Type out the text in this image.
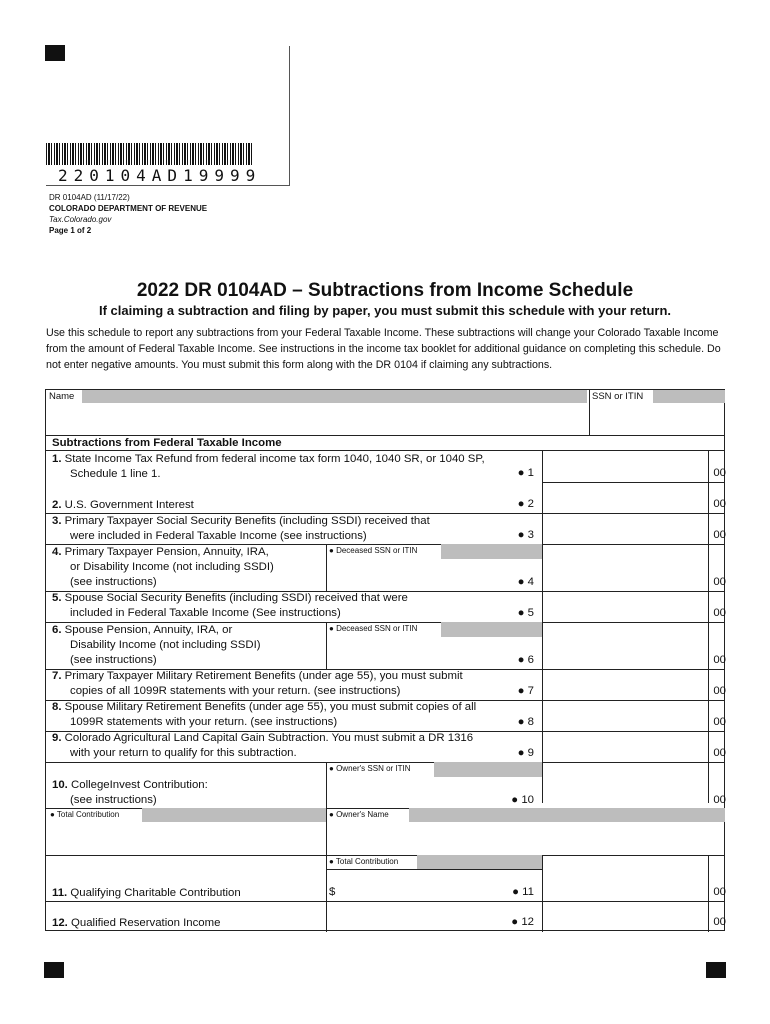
220104AD19999
DR 0104AD (11/17/22)
COLORADO DEPARTMENT OF REVENUE
Tax.Colorado.gov
Page 1 of 2
2022 DR 0104AD – Subtractions from Income Schedule
If claiming a subtraction and filing by paper, you must submit this schedule with your return.
Use this schedule to report any subtractions from your Federal Taxable Income. These subtractions will change your Colorado Taxable Income from the amount of Federal Taxable Income. See instructions in the income tax booklet for additional guidance on completing this schedule. Do not enter negative amounts. You must submit this form along with the DR 0104 if claiming any subtractions.
Name	SSN or ITIN
Subtractions from Federal Taxable Income
1. State Income Tax Refund from federal income tax form 1040, 1040 SR, or 1040 SP,
Schedule 1 line 1.	● 1	00
2. U.S. Government Interest	● 2	00
3. Primary Taxpayer Social Security Benefits (including SSDI) received that
were included in Federal Taxable Income (see instructions)	● 3	00
4. Primary Taxpayer Pension, Annuity, IRA,
or Disability Income (not including SSDI)
(see instructions)
● Deceased SSN or ITIN
● 4	00
5. Spouse Social Security Benefits (including SSDI) received that were
included in Federal Taxable Income (See instructions)	● 5	00
6. Spouse Pension, Annuity, IRA, or
Disability Income (not including SSDI)
(see instructions)
● Deceased SSN or ITIN
● 6	00
7. Primary Taxpayer Military Retirement Benefits (under age 55), you must submit
copies of all 1099R statements with your return. (see instructions)	● 7	00
8. Spouse Military Retirement Benefits (under age 55), you must submit copies of all
1099R statements with your return. (see instructions)	● 8	00
9. Colorado Agricultural Land Capital Gain Subtraction. You must submit a DR 1316
with your return to qualify for this subtraction.	● 9	00
● Owner's SSN or ITIN
10. CollegeInvest Contribution:
(see instructions)	● 10	00
● Total Contribution	● Owner's Name
● Total Contribution
11. Qualifying Charitable Contribution	$	● 11	00
12. Qualified Reservation Income	● 12	00
